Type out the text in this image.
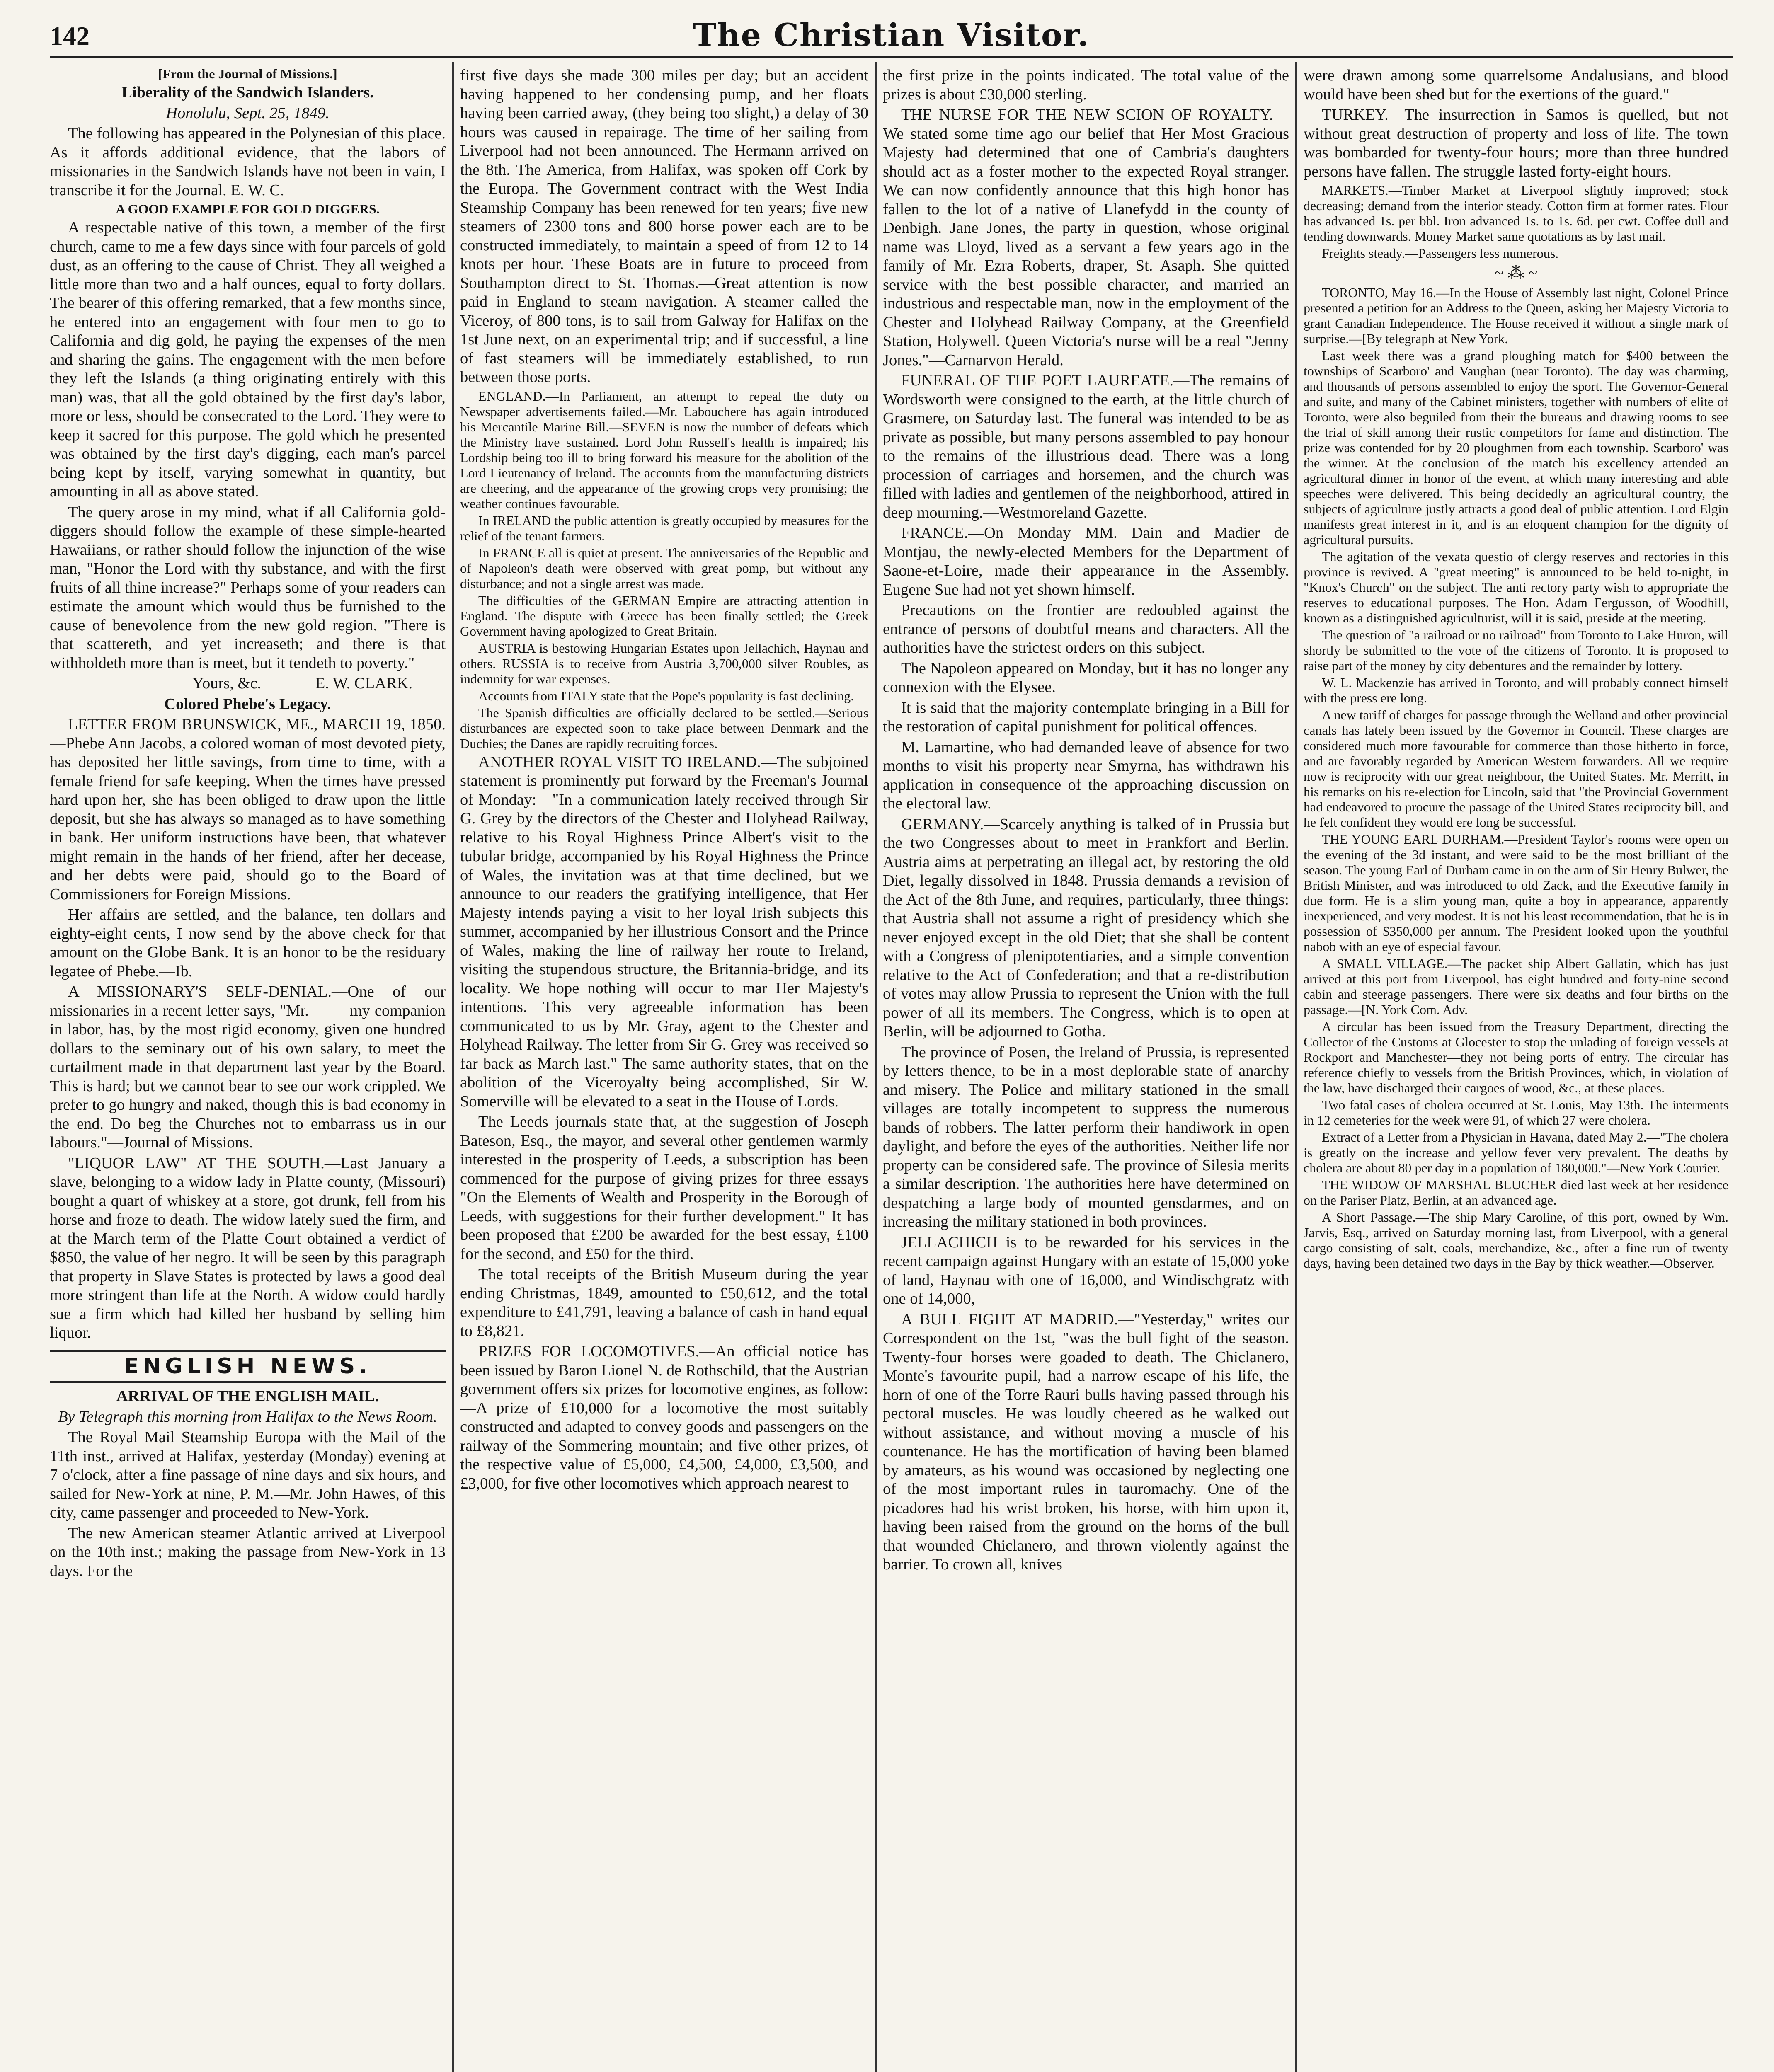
142	The Christian Visitor.

[From the Journal of Missions.]

Liberality of the Sandwich Islanders.

Honolulu, Sept. 25, 1849.

The following has appeared in the Polynesian of this place. As it affords additional evidence, that the labors of missionaries in the Sandwich Islands have not been in vain, I transcribe it for the Journal. E. W. C.

A GOOD EXAMPLE FOR GOLD DIGGERS.

A respectable native of this town, a member of the first church, came to me a few days since with four parcels of gold dust, as an offering to the cause of Christ. They all weighed a little more than two and a half ounces, equal to forty dollars. The bearer of this offering remarked, that a few months since, he entered into an engagement with four men to go to California and dig gold, he paying the expenses of the men and sharing the gains. The engagement with the men before they left the Islands (a thing originating entirely with this man) was, that all the gold obtained by the first day's labor, more or less, should be consecrated to the Lord. They were to keep it sacred for this purpose. The gold which he presented was obtained by the first day's digging, each man's parcel being kept by itself, varying somewhat in quantity, but amounting in all as above stated.

The query arose in my mind, what if all California gold-diggers should follow the example of these simple-hearted Hawaiians, or rather should follow the injunction of the wise man, "Honor the Lord with thy substance, and with the first fruits of all thine increase?" Perhaps some of your readers can estimate the amount which would thus be furnished to the cause of benevolence from the new gold region. "There is that scattereth, and yet increaseth; and there is that withholdeth more than is meet, but it tendeth to poverty."

Yours, &c.	E. W. CLARK.

Colored Phebe's Legacy.

LETTER FROM BRUNSWICK, ME., MARCH 19, 1850.—Phebe Ann Jacobs, a colored woman of most devoted piety, has deposited her little savings, from time to time, with a female friend for safe keeping. When the times have pressed hard upon her, she has been obliged to draw upon the little deposit, but she has always so managed as to have something in bank. Her uniform instructions have been, that whatever might remain in the hands of her friend, after her decease, and her debts were paid, should go to the Board of Commissioners for Foreign Missions.

Her affairs are settled, and the balance, ten dollars and eighty-eight cents, I now send by the above check for that amount on the Globe Bank. It is an honor to be the residuary legatee of Phebe.—Ib.

A MISSIONARY'S SELF-DENIAL.—One of our missionaries in a recent letter says, "Mr. —— my companion in labor, has, by the most rigid economy, given one hundred dollars to the seminary out of his own salary, to meet the curtailment made in that department last year by the Board. This is hard; but we cannot bear to see our work crippled. We prefer to go hungry and naked, though this is bad economy in the end. Do beg the Churches not to embarrass us in our labours."—Journal of Missions.

"LIQUOR LAW" AT THE SOUTH.—Last January a slave, belonging to a widow lady in Platte county, (Missouri) bought a quart of whiskey at a store, got drunk, fell from his horse and froze to death. The widow lately sued the firm, and at the March term of the Platte Court obtained a verdict of $850, the value of her negro. It will be seen by this paragraph that property in Slave States is protected by laws a good deal more stringent than life at the North. A widow could hardly sue a firm which had killed her husband by selling him liquor.

ENGLISH NEWS.

ARRIVAL OF THE ENGLISH MAIL.

By Telegraph this morning from Halifax to the News Room.

The Royal Mail Steamship Europa with the Mail of the 11th inst., arrived at Halifax, yesterday (Monday) evening at 7 o'clock, after a fine passage of nine days and six hours, and sailed for New-York at nine, P. M.—Mr. John Hawes, of this city, came passenger and proceeded to New-York.

The new American steamer Atlantic arrived at Liverpool on the 10th inst.; making the passage from New-York in 13 days. For the

first five days she made 300 miles per day; but an accident having happened to her condensing pump, and her floats having been carried away, (they being too slight,) a delay of 30 hours was caused in repairage. The time of her sailing from Liverpool had not been announced. The Hermann arrived on the 8th. The America, from Halifax, was spoken off Cork by the Europa. The Government contract with the West India Steamship Company has been renewed for ten years; five new steamers of 2300 tons and 800 horse power each are to be constructed immediately, to maintain a speed of from 12 to 14 knots per hour. These Boats are in future to proceed from Southampton direct to St. Thomas.—Great attention is now paid in England to steam navigation. A steamer called the Viceroy, of 800 tons, is to sail from Galway for Halifax on the 1st June next, on an experimental trip; and if successful, a line of fast steamers will be immediately established, to run between those ports.

ENGLAND.—In Parliament, an attempt to repeal the duty on Newspaper advertisements failed.—Mr. Labouchere has again introduced his Mercantile Marine Bill.—SEVEN is now the number of defeats which the Ministry have sustained. Lord John Russell's health is impaired; his Lordship being too ill to bring forward his measure for the abolition of the Lord Lieutenancy of Ireland. The accounts from the manufacturing districts are cheering, and the appearance of the growing crops very promising; the weather continues favourable.

In IRELAND the public attention is greatly occupied by measures for the relief of the tenant farmers.

In FRANCE all is quiet at present. The anniversaries of the Republic and of Napoleon's death were observed with great pomp, but without any disturbance; and not a single arrest was made.

The difficulties of the GERMAN Empire are attracting attention in England. The dispute with Greece has been finally settled; the Greek Government having apologized to Great Britain.

AUSTRIA is bestowing Hungarian Estates upon Jellachich, Haynau and others. RUSSIA is to receive from Austria 3,700,000 silver Roubles, as indemnity for war expenses.

Accounts from ITALY state that the Pope's popularity is fast declining.

The Spanish difficulties are officially declared to be settled.—Serious disturbances are expected soon to take place between Denmark and the Duchies; the Danes are rapidly recruiting forces.

ANOTHER ROYAL VISIT TO IRELAND.—The subjoined statement is prominently put forward by the Freeman's Journal of Monday:—"In a communication lately received through Sir G. Grey by the directors of the Chester and Holyhead Railway, relative to his Royal Highness Prince Albert's visit to the tubular bridge, accompanied by his Royal Highness the Prince of Wales, the invitation was at that time declined, but we announce to our readers the gratifying intelligence, that Her Majesty intends paying a visit to her loyal Irish subjects this summer, accompanied by her illustrious Consort and the Prince of Wales, making the line of railway her route to Ireland, visiting the stupendous structure, the Britannia-bridge, and its locality. We hope nothing will occur to mar Her Majesty's intentions. This very agreeable information has been communicated to us by Mr. Gray, agent to the Chester and Holyhead Railway. The letter from Sir G. Grey was received so far back as March last." The same authority states, that on the abolition of the Viceroyalty being accomplished, Sir W. Somerville will be elevated to a seat in the House of Lords.

The Leeds journals state that, at the suggestion of Joseph Bateson, Esq., the mayor, and several other gentlemen warmly interested in the prosperity of Leeds, a subscription has been commenced for the purpose of giving prizes for three essays "On the Elements of Wealth and Prosperity in the Borough of Leeds, with suggestions for their further development." It has been proposed that £200 be awarded for the best essay, £100 for the second, and £50 for the third.

The total receipts of the British Museum during the year ending Christmas, 1849, amounted to £50,612, and the total expenditure to £41,791, leaving a balance of cash in hand equal to £8,821.

PRIZES FOR LOCOMOTIVES.—An official notice has been issued by Baron Lionel N. de Rothschild, that the Austrian government offers six prizes for locomotive engines, as follow:—A prize of £10,000 for a locomotive the most suitably constructed and adapted to convey goods and passengers on the railway of the Sommering mountain; and five other prizes, of the respective value of £5,000, £4,500, £4,000, £3,500, and £3,000, for five other locomotives which approach nearest to

the first prize in the points indicated. The total value of the prizes is about £30,000 sterling.

THE NURSE FOR THE NEW SCION OF ROYALTY.—We stated some time ago our belief that Her Most Gracious Majesty had determined that one of Cambria's daughters should act as a foster mother to the expected Royal stranger. We can now confidently announce that this high honor has fallen to the lot of a native of Llanefydd in the county of Denbigh. Jane Jones, the party in question, whose original name was Lloyd, lived as a servant a few years ago in the family of Mr. Ezra Roberts, draper, St. Asaph. She quitted service with the best possible character, and married an industrious and respectable man, now in the employment of the Chester and Holyhead Railway Company, at the Greenfield Station, Holywell. Queen Victoria's nurse will be a real "Jenny Jones."—Carnarvon Herald.

FUNERAL OF THE POET LAUREATE.—The remains of Wordsworth were consigned to the earth, at the little church of Grasmere, on Saturday last. The funeral was intended to be as private as possible, but many persons assembled to pay honour to the remains of the illustrious dead. There was a long procession of carriages and horsemen, and the church was filled with ladies and gentlemen of the neighborhood, attired in deep mourning.—Westmoreland Gazette.

FRANCE.—On Monday MM. Dain and Madier de Montjau, the newly-elected Members for the Department of Saone-et-Loire, made their appearance in the Assembly. Eugene Sue had not yet shown himself.

Precautions on the frontier are redoubled against the entrance of persons of doubtful means and characters. All the authorities have the strictest orders on this subject.

The Napoleon appeared on Monday, but it has no longer any connexion with the Elysee.

It is said that the majority contemplate bringing in a Bill for the restoration of capital punishment for political offences.

M. Lamartine, who had demanded leave of absence for two months to visit his property near Smyrna, has withdrawn his application in consequence of the approaching discussion on the electoral law.

GERMANY.—Scarcely anything is talked of in Prussia but the two Congresses about to meet in Frankfort and Berlin. Austria aims at perpetrating an illegal act, by restoring the old Diet, legally dissolved in 1848. Prussia demands a revision of the Act of the 8th June, and requires, particularly, three things: that Austria shall not assume a right of presidency which she never enjoyed except in the old Diet; that she shall be content with a Congress of plenipotentiaries, and a simple convention relative to the Act of Confederation; and that a re-distribution of votes may allow Prussia to represent the Union with the full power of all its members. The Congress, which is to open at Berlin, will be adjourned to Gotha.

The province of Posen, the Ireland of Prussia, is represented by letters thence, to be in a most deplorable state of anarchy and misery. The Police and military stationed in the small villages are totally incompetent to suppress the numerous bands of robbers. The latter perform their handiwork in open daylight, and before the eyes of the authorities. Neither life nor property can be considered safe. The province of Silesia merits a similar description. The authorities here have determined on despatching a large body of mounted gensdarmes, and on increasing the military stationed in both provinces.

JELLACHICH is to be rewarded for his services in the recent campaign against Hungary with an estate of 15,000 yoke of land, Haynau with one of 16,000, and Windischgratz with one of 14,000,

A BULL FIGHT AT MADRID.—"Yesterday," writes our Correspondent on the 1st, "was the bull fight of the season. Twenty-four horses were goaded to death. The Chiclanero, Monte's favourite pupil, had a narrow escape of his life, the horn of one of the Torre Rauri bulls having passed through his pectoral muscles. He was loudly cheered as he walked out without assistance, and without moving a muscle of his countenance. He has the mortification of having been blamed by amateurs, as his wound was occasioned by neglecting one of the most important rules in tauromachy. One of the picadores had his wrist broken, his horse, with him upon it, having been raised from the ground on the horns of the bull that wounded Chiclanero, and thrown violently against the barrier. To crown all, knives

were drawn among some quarrelsome Andalusians, and blood would have been shed but for the exertions of the guard."

TURKEY.—The insurrection in Samos is quelled, but not without great destruction of property and loss of life. The town was bombarded for twenty-four hours; more than three hundred persons have fallen. The struggle lasted forty-eight hours.

MARKETS.—Timber Market at Liverpool slightly improved; stock decreasing; demand from the interior steady. Cotton firm at former rates. Flour has advanced 1s. per bbl. Iron advanced 1s. to 1s. 6d. per cwt. Coffee dull and tending downwards. Money Market same quotations as by last mail.

Freights steady.—Passengers less numerous.

~ ⁂ ~

TORONTO, May 16.—In the House of Assembly last night, Colonel Prince presented a petition for an Address to the Queen, asking her Majesty Victoria to grant Canadian Independence. The House received it without a single mark of surprise.—[By telegraph at New York.

Last week there was a grand ploughing match for $400 between the townships of Scarboro' and Vaughan (near Toronto). The day was charming, and thousands of persons assembled to enjoy the sport. The Governor-General and suite, and many of the Cabinet ministers, together with numbers of elite of Toronto, were also beguiled from their the bureaus and drawing rooms to see the trial of skill among their rustic competitors for fame and distinction. The prize was contended for by 20 ploughmen from each township. Scarboro' was the winner. At the conclusion of the match his excellency attended an agricultural dinner in honor of the event, at which many interesting and able speeches were delivered. This being decidedly an agricultural country, the subjects of agriculture justly attracts a good deal of public attention. Lord Elgin manifests great interest in it, and is an eloquent champion for the dignity of agricultural pursuits.

The agitation of the vexata questio of clergy reserves and rectories in this province is revived. A "great meeting" is announced to be held to-night, in "Knox's Church" on the subject. The anti rectory party wish to appropriate the reserves to educational purposes. The Hon. Adam Fergusson, of Woodhill, known as a distinguished agriculturist, will it is said, preside at the meeting.

The question of "a railroad or no railroad" from Toronto to Lake Huron, will shortly be submitted to the vote of the citizens of Toronto. It is proposed to raise part of the money by city debentures and the remainder by lottery.

W. L. Mackenzie has arrived in Toronto, and will probably connect himself with the press ere long.

A new tariff of charges for passage through the Welland and other provincial canals has lately been issued by the Governor in Council. These charges are considered much more favourable for commerce than those hitherto in force, and are favorably regarded by American Western forwarders. All we require now is reciprocity with our great neighbour, the United States. Mr. Merritt, in his remarks on his re-election for Lincoln, said that "the Provincial Government had endeavored to procure the passage of the United States reciprocity bill, and he felt confident they would ere long be successful.

THE YOUNG EARL DURHAM.—President Taylor's rooms were open on the evening of the 3d instant, and were said to be the most brilliant of the season. The young Earl of Durham came in on the arm of Sir Henry Bulwer, the British Minister, and was introduced to old Zack, and the Executive family in due form. He is a slim young man, quite a boy in appearance, apparently inexperienced, and very modest. It is not his least recommendation, that he is in possession of $350,000 per annum. The President looked upon the youthful nabob with an eye of especial favour.

A SMALL VILLAGE.—The packet ship Albert Gallatin, which has just arrived at this port from Liverpool, has eight hundred and forty-nine second cabin and steerage passengers. There were six deaths and four births on the passage.—[N. York Com. Adv.

A circular has been issued from the Treasury Department, directing the Collector of the Customs at Glocester to stop the unlading of foreign vessels at Rockport and Manchester—they not being ports of entry. The circular has reference chiefly to vessels from the British Provinces, which, in violation of the law, have discharged their cargoes of wood, &c., at these places.

Two fatal cases of cholera occurred at St. Louis, May 13th. The interments in 12 cemeteries for the week were 91, of which 27 were cholera.

Extract of a Letter from a Physician in Havana, dated May 2.—"The cholera is greatly on the increase and yellow fever very prevalent. The deaths by cholera are about 80 per day in a population of 180,000."—New York Courier.

THE WIDOW OF MARSHAL BLUCHER died last week at her residence on the Pariser Platz, Berlin, at an advanced age.

A Short Passage.—The ship Mary Caroline, of this port, owned by Wm. Jarvis, Esq., arrived on Saturday morning last, from Liverpool, with a general cargo consisting of salt, coals, merchandize, &c., after a fine run of twenty days, having been detained two days in the Bay by thick weather.—Observer.
